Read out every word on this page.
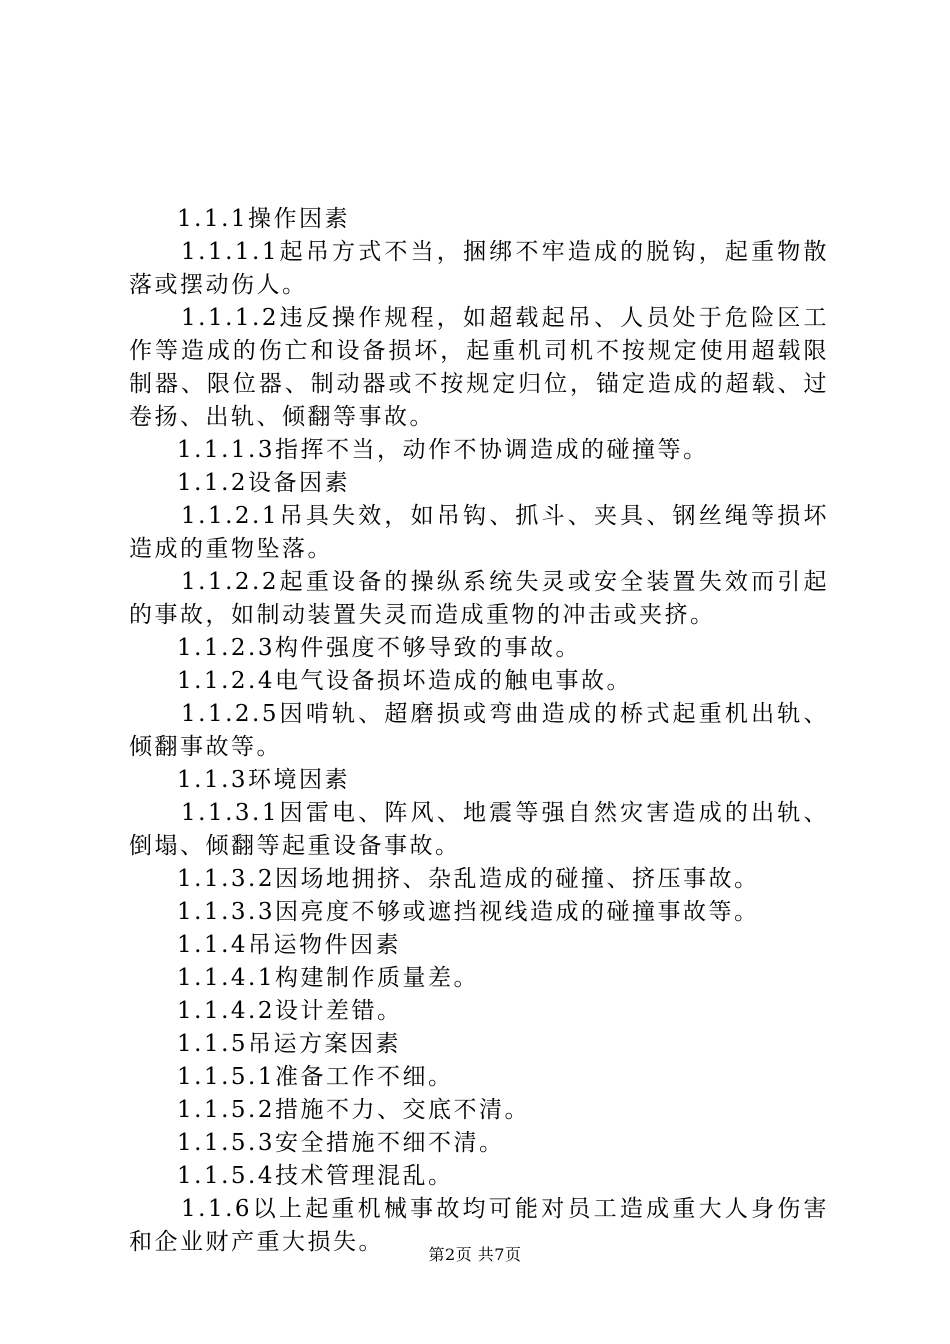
1.1.1操作因素

1.1.1.1起吊方式不当，捆绑不牢造成的脱钩，起重物散落或摆动伤人。

1.1.1.2违反操作规程，如超载起吊、人员处于危险区工作等造成的伤亡和设备损坏，起重机司机不按规定使用超载限制器、限位器、制动器或不按规定归位，锚定造成的超载、过卷扬、出轨、倾翻等事故。

1.1.1.3指挥不当，动作不协调造成的碰撞等。

1.1.2设备因素

1.1.2.1吊具失效，如吊钩、抓斗、夹具、钢丝绳等损坏造成的重物坠落。

1.1.2.2起重设备的操纵系统失灵或安全装置失效而引起的事故，如制动装置失灵而造成重物的冲击或夹挤。

1.1.2.3构件强度不够导致的事故。

1.1.2.4电气设备损坏造成的触电事故。

1.1.2.5因啃轨、超磨损或弯曲造成的桥式起重机出轨、倾翻事故等。

1.1.3环境因素

1.1.3.1因雷电、阵风、地震等强自然灾害造成的出轨、倒塌、倾翻等起重设备事故。

1.1.3.2因场地拥挤、杂乱造成的碰撞、挤压事故。

1.1.3.3因亮度不够或遮挡视线造成的碰撞事故等。

1.1.4吊运物件因素

1.1.4.1构建制作质量差。

1.1.4.2设计差错。

1.1.5吊运方案因素

1.1.5.1准备工作不细。

1.1.5.2措施不力、交底不清。

1.1.5.3安全措施不细不清。

1.1.5.4技术管理混乱。

1.1.6以上起重机械事故均可能对员工造成重大人身伤害和企业财产重大损失。	第2页 共7页
